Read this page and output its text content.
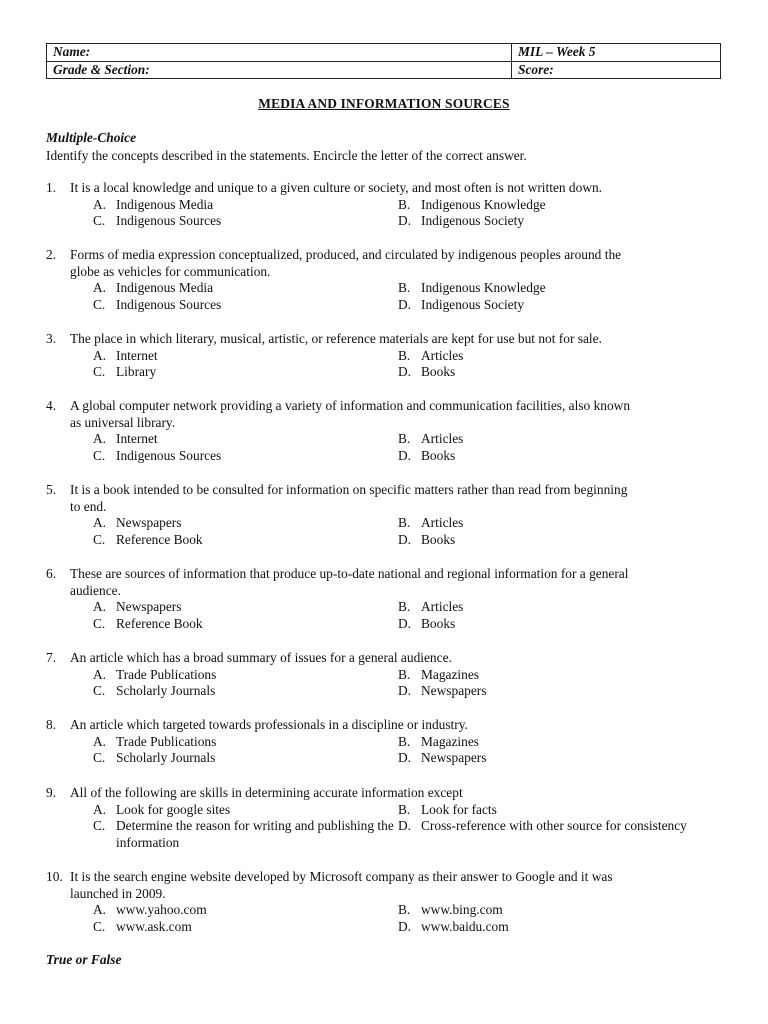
Name:	MIL – Week 5
Grade & Section:	Score:
MEDIA AND INFORMATION SOURCES
Multiple-Choice
Identify the concepts described in the statements. Encircle the letter of the correct answer.
1. It is a local knowledge and unique to a given culture or society, and most often is not written down.
A. Indigenous Media	B. Indigenous Knowledge
C. Indigenous Sources	D. Indigenous Society
2. Forms of media expression conceptualized, produced, and circulated by indigenous peoples around the
globe as vehicles for communication.
A. Indigenous Media	B. Indigenous Knowledge
C. Indigenous Sources	D. Indigenous Society
3. The place in which literary, musical, artistic, or reference materials are kept for use but not for sale.
A. Internet	B. Articles
C. Library	D. Books
4. A global computer network providing a variety of information and communication facilities, also known
as universal library.
A. Internet	B. Articles
C. Indigenous Sources	D. Books
5. It is a book intended to be consulted for information on specific matters rather than read from beginning
to end.
A. Newspapers	B. Articles
C. Reference Book	D. Books
6. These are sources of information that produce up-to-date national and regional information for a general
audience.
A. Newspapers	B. Articles
C. Reference Book	D. Books
7. An article which has a broad summary of issues for a general audience.
A. Trade Publications	B. Magazines
C. Scholarly Journals	D. Newspapers
8. An article which targeted towards professionals in a discipline or industry.
A. Trade Publications	B. Magazines
C. Scholarly Journals	D. Newspapers
9. All of the following are skills in determining accurate information except
A. Look for google sites	B. Look for facts
C. Determine the reason for writing and publishing the information
D. Cross-reference with other source for consistency
10. It is the search engine website developed by Microsoft company as their answer to Google and it was
launched in 2009.
A. www.yahoo.com	B. www.bing.com
C. www.ask.com	D. www.baidu.com
True or False
